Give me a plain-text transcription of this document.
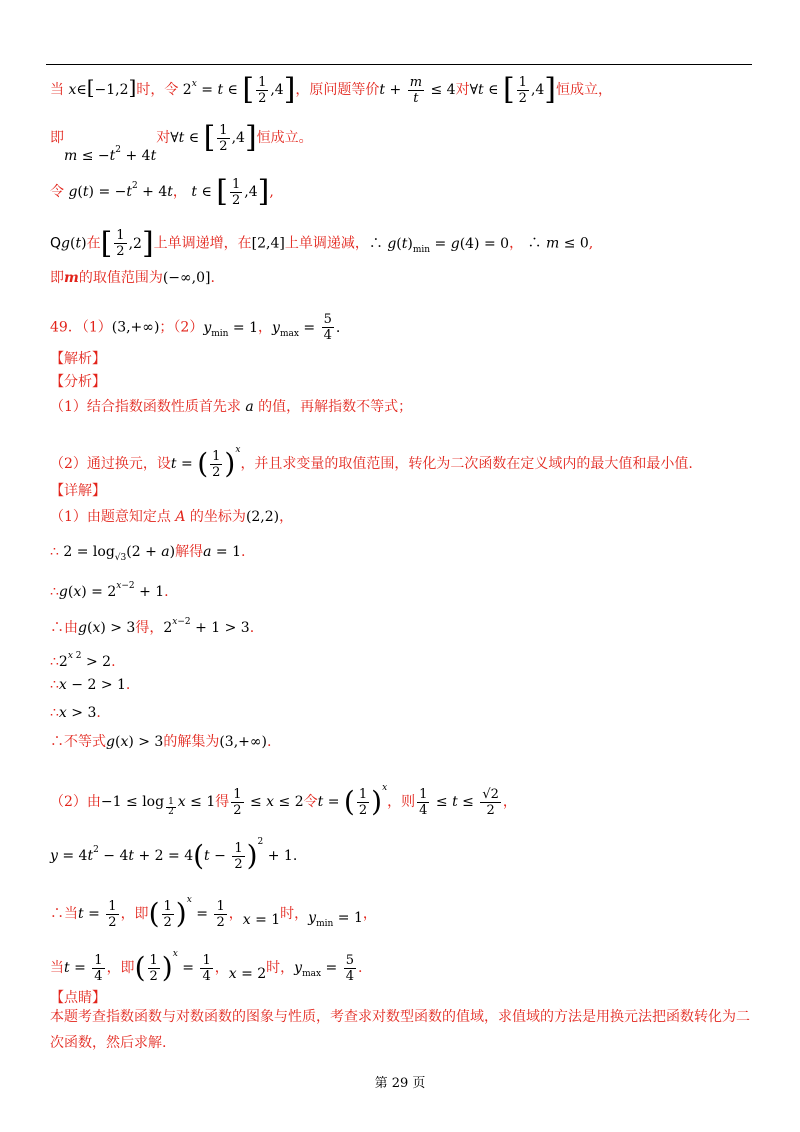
当 x∈[−1,2]时，令 $2^x = t$ ∈ [ $\frac{1}{2} ,4$]，原问题等价$t + \frac{m}{t} \le 4$对∀t ∈ [ $\frac{1}{2} ,4$]恒成立，
即
$m \le -t^2 + 4t$对∀t ∈ [ $\frac{1}{2} ,4$]恒成立。
令 $g(t) = -t^2 + 4t$， t ∈ [ $\frac{1}{2} ,4$],
Qg(t)在[ $\frac{1}{2} ,2$]上单调递增，在[2,4]上单调递减，∴ $g(t)_{min} = g(4) = 0$， ∴ m ≤ 0,
即m的取值范围为(−∞,0].
49．（1）(3,+∞)；$(2)y_{min} = 1$，$y_{max} = \frac{5}{4}$ .
【解析】
【分析】
（1）结合指数函数性质首先求 a 的值，再解指数不等式；
（2）通过换元，设t = ( $\frac{1}{2} )^x$，并且求变量的取值范围，转化为二次函数在定义域内的最大值和最小值.
【详解】
（1）由题意知定点 A 的坐标为(2,2)，
∴ $2 = \log_{√3}(2 + a)$解得a = 1.
∴g(x) = $2^{x-2} + 1$.
∴由g(x) > 3得，$2^{x-2} + 1 > 3$.
$\therefore 2^{x 2} > 2$.
∴x − 2 > 1.
∴x > 3.
∴不等式g(x) > 3的解集为(3,+∞).
（2）由−1 ≤ log $_{\frac{1}{2}}$ x ≤ 1得 $\frac{1}{2} \le x \le 2$令t = ( $\frac{1}{2} )^x$，则 $\frac{1}{4} \le t \le \frac{√2}{2}$ ，
$y = 4t^2 - 4t + 2 = 4(t - \frac{1}{2} )^2 + 1$.
∴当$t = \frac{1}{2}$ ，即( $\frac{1}{2} )^x = \frac{1}{2}$ ，x = 1时，$y_{min} = 1$，
当$t = \frac{1}{4}$ ，即( $\frac{1}{2} )^x = \frac{1}{4}$ ，x = 2时，$y_{max} = \frac{5}{4}$ .
【点睛】
本题考查指数函数与对数函数的图象与性质，考查求对数型函数的值域，求值域的方法是用换元法把函数转化为二次函数，然后求解.
第 29 页
